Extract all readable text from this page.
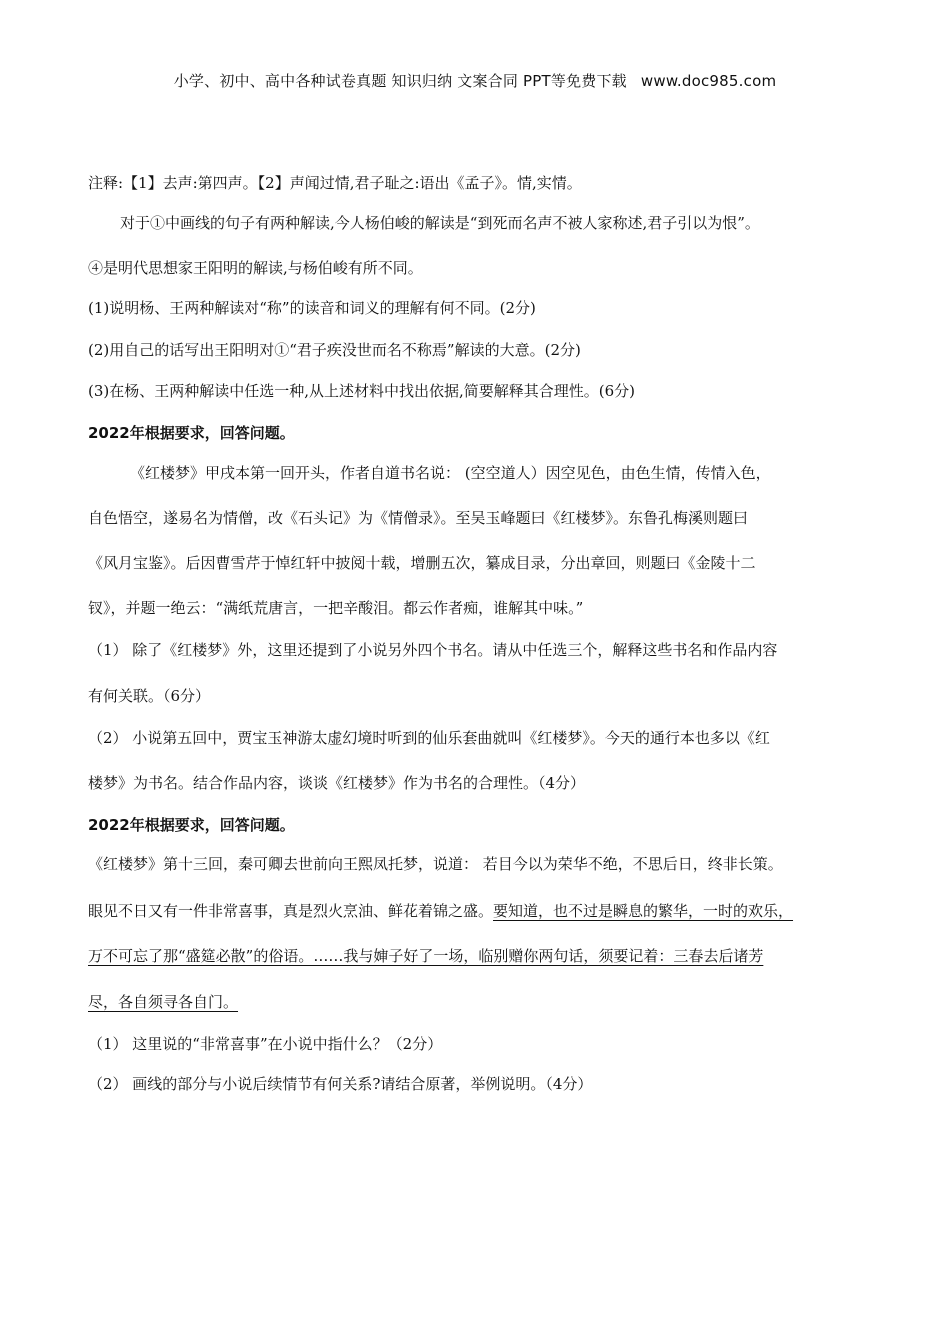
小学、初中、高中各种试卷真题 知识归纳 文案合同 PPT等免费下载 www.doc985.com
注释:【1】去声:第四声。【2】声闻过情,君子耻之:语出《孟子》。情,实情。
对于①中画线的句子有两种解读,今人杨伯峻的解读是“到死而名声不被人家称述,君子引以为恨”。
④是明代思想家王阳明的解读,与杨伯峻有所不同。
(1)说明杨、王两种解读对“称”的读音和词义的理解有何不同。(2分)
(2)用自己的话写出王阳明对①“君子疾没世而名不称焉”解读的大意。(2分)
(3)在杨、王两种解读中任选一种,从上述材料中找出依据,简要解释其合理性。(6分)
2022年根据要求，回答问题。
《红楼梦》甲戌本第一回开头，作者自道书名说： (空空道人）因空见色，由色生情，传情入色，
自色悟空，遂易名为情僧，改《石头记》为《情僧录》。至吴玉峰题曰《红楼梦》。东鲁孔梅溪则题曰
《风月宝鉴》。后因曹雪芹于悼红轩中披阅十载，增删五次，纂成目录，分出章回，则题曰《金陵十二
钗》，并题一绝云：“满纸荒唐言，一把辛酸泪。都云作者痴，谁解其中味。”
（1） 除了《红楼梦》外，这里还提到了小说另外四个书名。请从中任选三个，解释这些书名和作品内容
有何关联。（6分）
（2） 小说第五回中，贾宝玉神游太虚幻境时听到的仙乐套曲就叫《红楼梦》。今天的通行本也多以《红
楼梦》为书名。结合作品内容，谈谈《红楼梦》作为书名的合理性。（4分）
2022年根据要求，回答问题。
《红楼梦》第十三回，秦可卿去世前向王熙凤托梦，说道： 若目今以为荣华不绝，不思后日，终非长策。
眼见不日又有一件非常喜事，真是烈火烹油、鲜花着锦之盛。要知道，也不过是瞬息的繁华，一时的欢乐，
万不可忘了那“盛筵必散”的俗语。……我与婶子好了一场，临别赠你两句话，须要记着：三春去后诸芳
尽，各自须寻各自门。
（1） 这里说的“非常喜事”在小说中指什么？（2分）
（2） 画线的部分与小说后续情节有何关系?请结合原著，举例说明。（4分）
